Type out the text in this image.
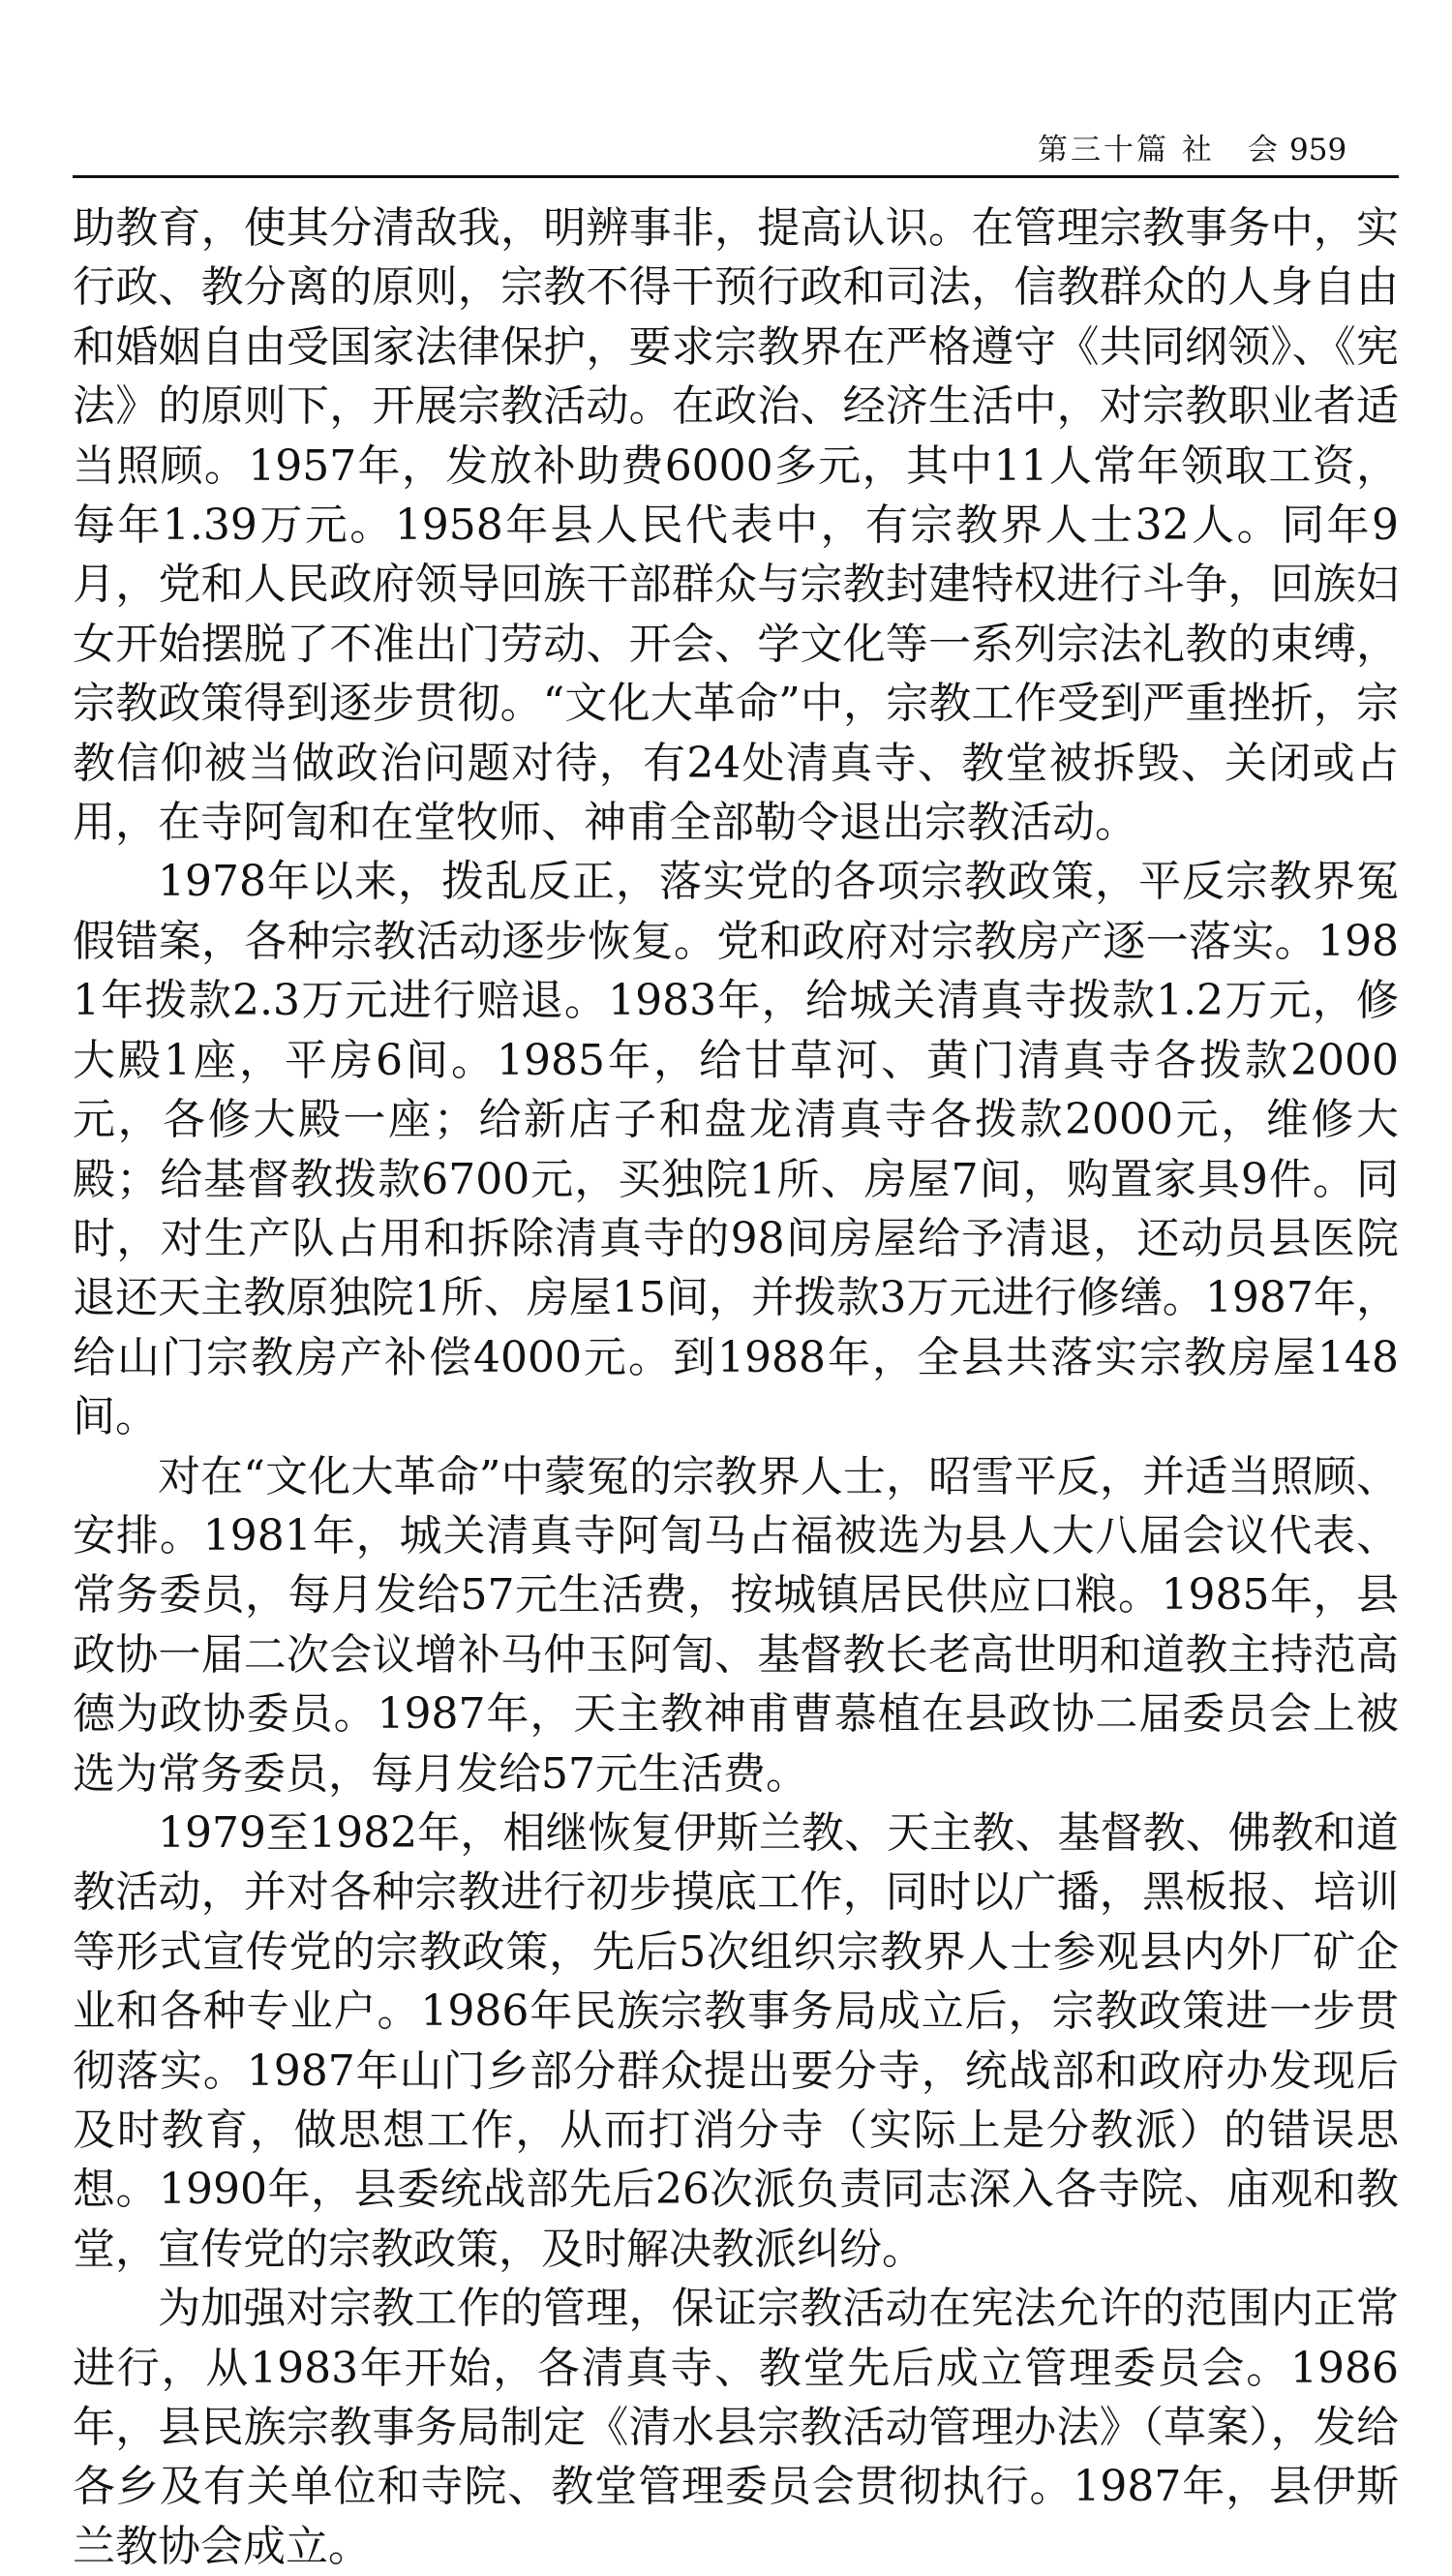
第三十篇 社　会 959

助教育，使其分清敌我，明辨事非，提高认识。在管理宗教事务中，实行政、教分离的原则，宗教不得干预行政和司法，信教群众的人身自由和婚姻自由受国家法律保护，要求宗教界在严格遵守《共同纲领》、《宪法》的原则下，开展宗教活动。在政治、经济生活中，对宗教职业者适当照顾。1957年，发放补助费6000多元，其中11人常年领取工资，每年1.39万元。1958年县人民代表中，有宗教界人士32人。同年9月，党和人民政府领导回族干部群众与宗教封建特权进行斗争，回族妇女开始摆脱了不准出门劳动、开会、学文化等一系列宗法礼教的束缚，宗教政策得到逐步贯彻。“文化大革命”中，宗教工作受到严重挫折，宗教信仰被当做政治问题对待，有24处清真寺、教堂被拆毁、关闭或占用，在寺阿訇和在堂牧师、神甫全部勒令退出宗教活动。

1978年以来，拨乱反正，落实党的各项宗教政策，平反宗教界冤假错案，各种宗教活动逐步恢复。党和政府对宗教房产逐一落实。1981年拨款2.3万元进行赔退。1983年，给城关清真寺拨款1.2万元，修大殿1座，平房6间。1985年，给甘草河、黄门清真寺各拨款2000元，各修大殿一座；给新店子和盘龙清真寺各拨款2000元，维修大殿；给基督教拨款6700元，买独院1所、房屋7间，购置家具9件。同时，对生产队占用和拆除清真寺的98间房屋给予清退，还动员县医院退还天主教原独院1所、房屋15间，并拨款3万元进行修缮。1987年，给山门宗教房产补偿4000元。到1988年，全县共落实宗教房屋148间。

对在“文化大革命”中蒙冤的宗教界人士，昭雪平反，并适当照顾、安排。1981年，城关清真寺阿訇马占福被选为县人大八届会议代表、常务委员，每月发给57元生活费，按城镇居民供应口粮。1985年，县政协一届二次会议增补马仲玉阿訇、基督教长老高世明和道教主持范高德为政协委员。1987年，天主教神甫曹慕植在县政协二届委员会上被选为常务委员，每月发给57元生活费。

1979至1982年，相继恢复伊斯兰教、天主教、基督教、佛教和道教活动，并对各种宗教进行初步摸底工作，同时以广播，黑板报、培训等形式宣传党的宗教政策，先后5次组织宗教界人士参观县内外厂矿企业和各种专业户。1986年民族宗教事务局成立后，宗教政策进一步贯彻落实。1987年山门乡部分群众提出要分寺，统战部和政府办发现后及时教育，做思想工作，从而打消分寺（实际上是分教派）的错误思想。1990年，县委统战部先后26次派负责同志深入各寺院、庙观和教堂，宣传党的宗教政策，及时解决教派纠纷。

为加强对宗教工作的管理，保证宗教活动在宪法允许的范围内正常进行，从1983年开始，各清真寺、教堂先后成立管理委员会。1986年，县民族宗教事务局制定《清水县宗教活动管理办法》（草案），发给各乡及有关单位和寺院、教堂管理委员会贯彻执行。1987年，县伊斯兰教协会成立。
